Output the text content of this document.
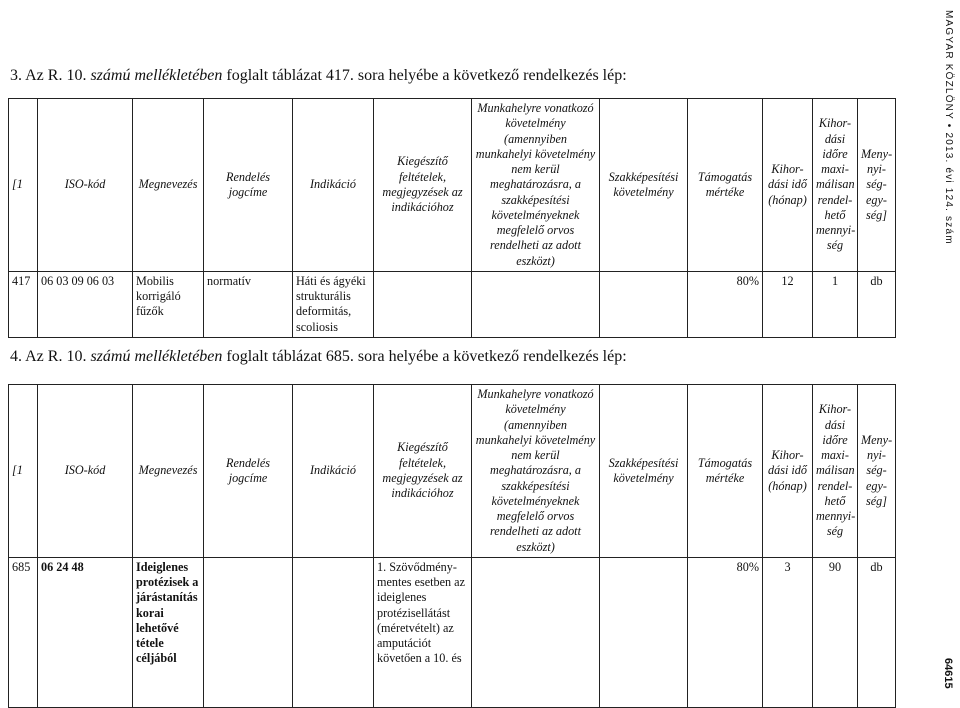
MAGYAR KÖZLÖNY • 2013. évi 124. szám
64615
3. Az R. 10. számú mellékletében foglalt táblázat 417. sora helyébe a következő rendelkezés lép:
[1	ISO-kód	Megnevezés	Rendelés jogcíme	Indikáció	Kiegészítő feltételek, megjegyzések az indikációhoz	Munkahelyre vonatkozó követelmény (amennyiben munkahelyi követelmény nem kerül meghatározásra, a szakképesítési követelményeknek megfelelő orvos rendelheti az adott eszközt)	Szakképesítési követelmény	Támogatás mértéke	Kihor-dási idő (hónap)	Kihor-dási időre maxi-málisan rendel-hető mennyi-ség	Meny-nyi-ség-egy-ség]
417	06 03 09 06 03	Mobilis korrigáló fűzők	normatív	Háti és ágyéki strukturális deformitás, scoliosis				80%	12	1	db
4. Az R. 10. számú mellékletében foglalt táblázat 685. sora helyébe a következő rendelkezés lép:
[1	ISO-kód	Megnevezés	Rendelés jogcíme	Indikáció	Kiegészítő feltételek, megjegyzések az indikációhoz	Munkahelyre vonatkozó követelmény (amennyiben munkahelyi követelmény nem kerül meghatározásra, a szakképesítési követelményeknek megfelelő orvos rendelheti az adott eszközt)	Szakképesítési követelmény	Támogatás mértéke	Kihor-dási idő (hónap)	Kihor-dási időre maxi-málisan rendel-hető mennyi-ség	Meny-nyi-ség-egy-ség]
685	06 24 48	Ideiglenes protézisek a járástanítás korai lehetővé tétele céljából			1. Szövődmény-mentes esetben az ideiglenes protézisellátást (méretvételt) az amputációt követően a 10. és			80%	3	90	db
